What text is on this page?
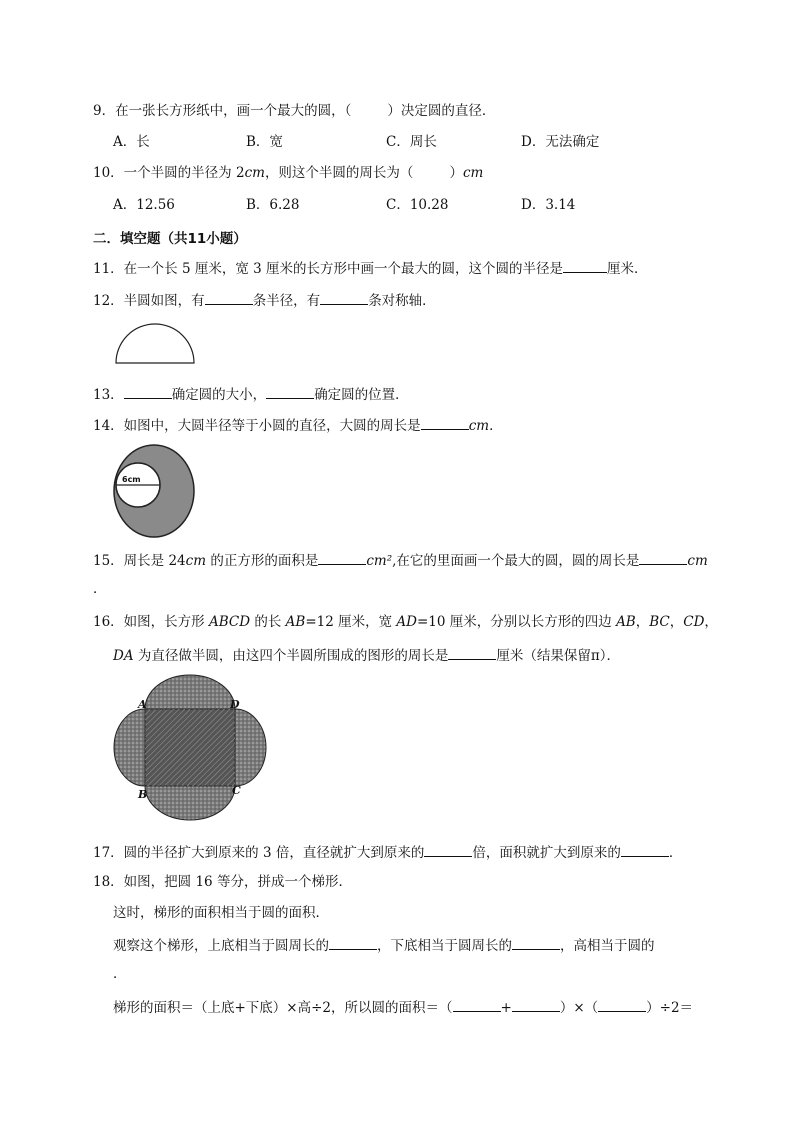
9．在一张长方形纸中，画一个最大的圆，（	）决定圆的直径．
A．长	B．宽	C．周长	D．无法确定
10．一个半圆的半径为 2cm，则这个半圆的周长为（	）cm
A．12.56	B．6.28	C．10.28	D．3.14
二．填空题（共11小题）
11．在一个长 5 厘米，宽 3 厘米的长方形中画一个最大的圆，这个圆的半径是	厘米．
12．半圆如图，有	条半径，有	条对称轴．
13．	确定圆的大小，	确定圆的位置．
14．如图中，大圆半径等于小圆的直径，大圆的周长是	cm．
6cm
15．周长是 24cm 的正方形的面积是	cm²,在它的里面画一个最大的圆，圆的周长是	cm
．
16．如图，长方形 ABCD 的长 AB=12 厘米，宽 AD=10 厘米，分别以长方形的四边 AB，BC，CD，
DA 为直径做半圆，由这四个半圆所围成的图形的周长是	厘米（结果保留π）．
A	D
B	C
17．圆的半径扩大到原来的 3 倍，直径就扩大到原来的	倍，面积就扩大到原来的	．
18．如图，把圆 16 等分，拼成一个梯形．
这时，梯形的面积相当于圆的面积．
观察这个梯形，上底相当于圆周长的	，下底相当于圆周长的	，高相当于圆的
．
梯形的面积＝（上底+下底）×高÷2，所以圆的面积＝（	+	）×（	）÷2＝
